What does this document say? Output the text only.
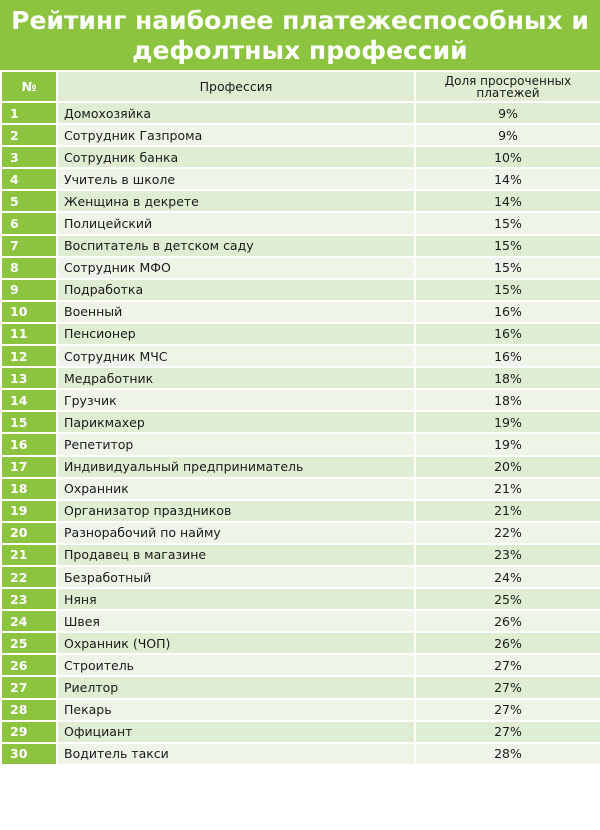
Рейтинг наиболее платежеспособных и
дефолтных профессий
№	Профессия	Доля просроченных платежей
1	Домохозяйка	9%
2	Сотрудник Газпрома	9%
3	Сотрудник банка	10%
4	Учитель в школе	14%
5	Женщина в декрете	14%
6	Полицейский	15%
7	Воспитатель в детском саду	15%
8	Сотрудник МФО	15%
9	Подработка	15%
10	Военный	16%
11	Пенсионер	16%
12	Сотрудник МЧС	16%
13	Медработник	18%
14	Грузчик	18%
15	Парикмахер	19%
16	Репетитор	19%
17	Индивидуальный предприниматель	20%
18	Охранник	21%
19	Организатор праздников	21%
20	Разнорабочий по найму	22%
21	Продавец в магазине	23%
22	Безработный	24%
23	Няня	25%
24	Швея	26%
25	Охранник (ЧОП)	26%
26	Строитель	27%
27	Риелтор	27%
28	Пекарь	27%
29	Официант	27%
30	Водитель такси	28%
